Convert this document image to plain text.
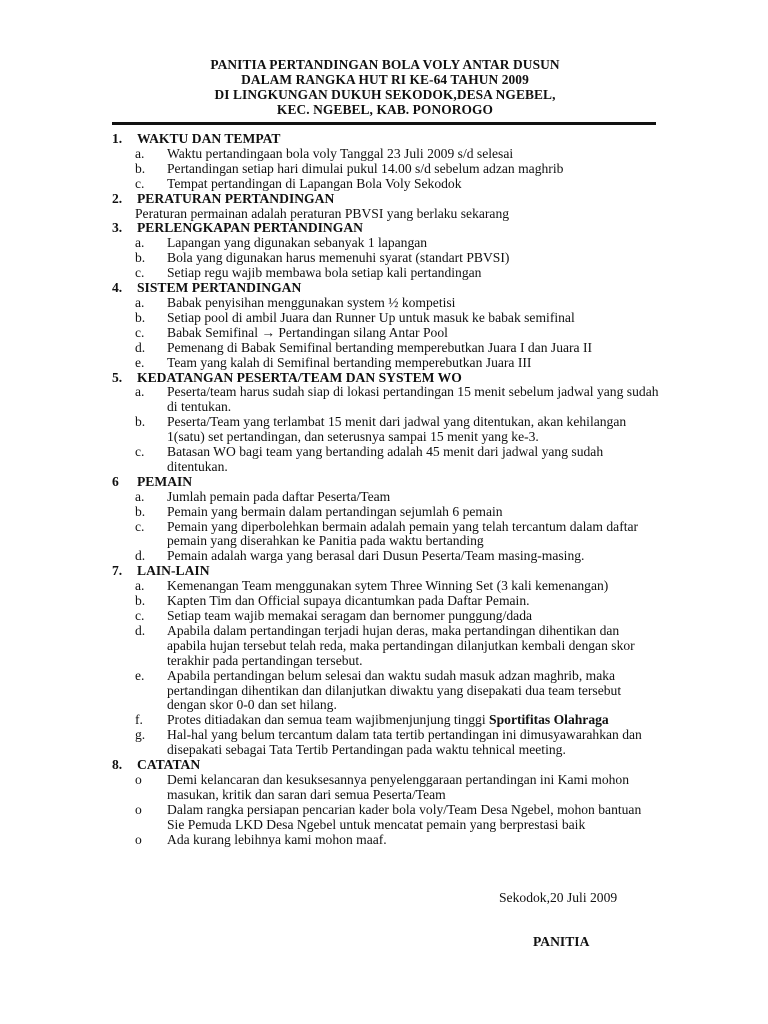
PANITIA PERTANDINGAN BOLA VOLY ANTAR DUSUN
DALAM RANGKA HUT RI KE-64 TAHUN 2009
DI LINGKUNGAN DUKUH SEKODOK,DESA NGEBEL,
KEC. NGEBEL, KAB. PONOROGO
1.	WAKTU DAN TEMPAT
a.	Waktu pertandingaan bola voly Tanggal 23 Juli 2009 s/d selesai
b.	Pertandingan setiap hari dimulai pukul 14.00 s/d sebelum adzan maghrib
c.	Tempat pertandingan di Lapangan Bola Voly Sekodok
2.	PERATURAN PERTANDINGAN
Peraturan permainan adalah peraturan PBVSI yang berlaku sekarang
3.	PERLENGKAPAN PERTANDINGAN
a.	Lapangan yang digunakan sebanyak 1 lapangan
b.	Bola yang digunakan harus memenuhi syarat (standart PBVSI)
c.	Setiap regu wajib membawa bola setiap kali pertandingan
4.	SISTEM PERTANDINGAN
a.	Babak penyisihan menggunakan system ½ kompetisi
b.	Setiap pool di ambil Juara dan Runner Up untuk masuk ke babak semifinal
c.	Babak Semifinal → Pertandingan silang Antar Pool
d.	Pemenang di Babak Semifinal bertanding memperebutkan Juara I dan Juara II
e.	Team yang kalah di Semifinal bertanding memperebutkan Juara III
5.	KEDATANGAN PESERTA/TEAM DAN SYSTEM WO
a.	Peserta/team harus sudah siap di lokasi pertandingan 15 menit sebelum jadwal yang sudah di tentukan.
b.	Peserta/Team yang terlambat 15 menit dari jadwal yang ditentukan, akan kehilangan 1(satu) set pertandingan, dan seterusnya sampai 15 menit yang ke-3.
c.	Batasan WO bagi team yang bertanding adalah 45 menit dari jadwal yang sudah ditentukan.
6	PEMAIN
a.	Jumlah pemain pada daftar Peserta/Team
b.	Pemain yang bermain dalam pertandingan sejumlah 6 pemain
c.	Pemain yang diperbolehkan bermain adalah pemain yang telah tercantum dalam daftar pemain yang diserahkan ke Panitia pada waktu bertanding
d.	Pemain adalah warga yang berasal dari Dusun Peserta/Team masing-masing.
7.	LAIN-LAIN
a.	Kemenangan Team menggunakan sytem Three Winning Set (3 kali kemenangan)
b.	Kapten Tim dan Official supaya dicantumkan pada Daftar Pemain.
c.	Setiap team wajib memakai seragam dan bernomer punggung/dada
d.	Apabila dalam pertandingan terjadi hujan deras, maka pertandingan dihentikan dan apabila hujan tersebut telah reda, maka pertandingan dilanjutkan kembali dengan skor terakhir pada pertandingan tersebut.
e.	Apabila pertandingan belum selesai dan waktu sudah masuk adzan maghrib, maka pertandingan dihentikan dan dilanjutkan diwaktu yang disepakati dua team tersebut dengan skor 0-0 dan set hilang.
f.	Protes ditiadakan dan semua team wajibmenjunjung tinggi Sportifitas Olahraga
g.	Hal-hal yang belum tercantum dalam tata tertib pertandingan ini dimusyawarahkan dan disepakati sebagai Tata Tertib Pertandingan pada waktu tehnical meeting.
8.	CATATAN
o	Demi kelancaran dan kesuksesannya penyelenggaraan pertandingan ini Kami mohon masukan, kritik dan saran dari semua Peserta/Team
o	Dalam rangka persiapan pencarian kader bola voly/Team Desa Ngebel, mohon bantuan Sie Pemuda LKD Desa Ngebel untuk mencatat pemain yang berprestasi baik
o	Ada kurang lebihnya kami mohon maaf.
Sekodok,20 Juli 2009
PANITIA
